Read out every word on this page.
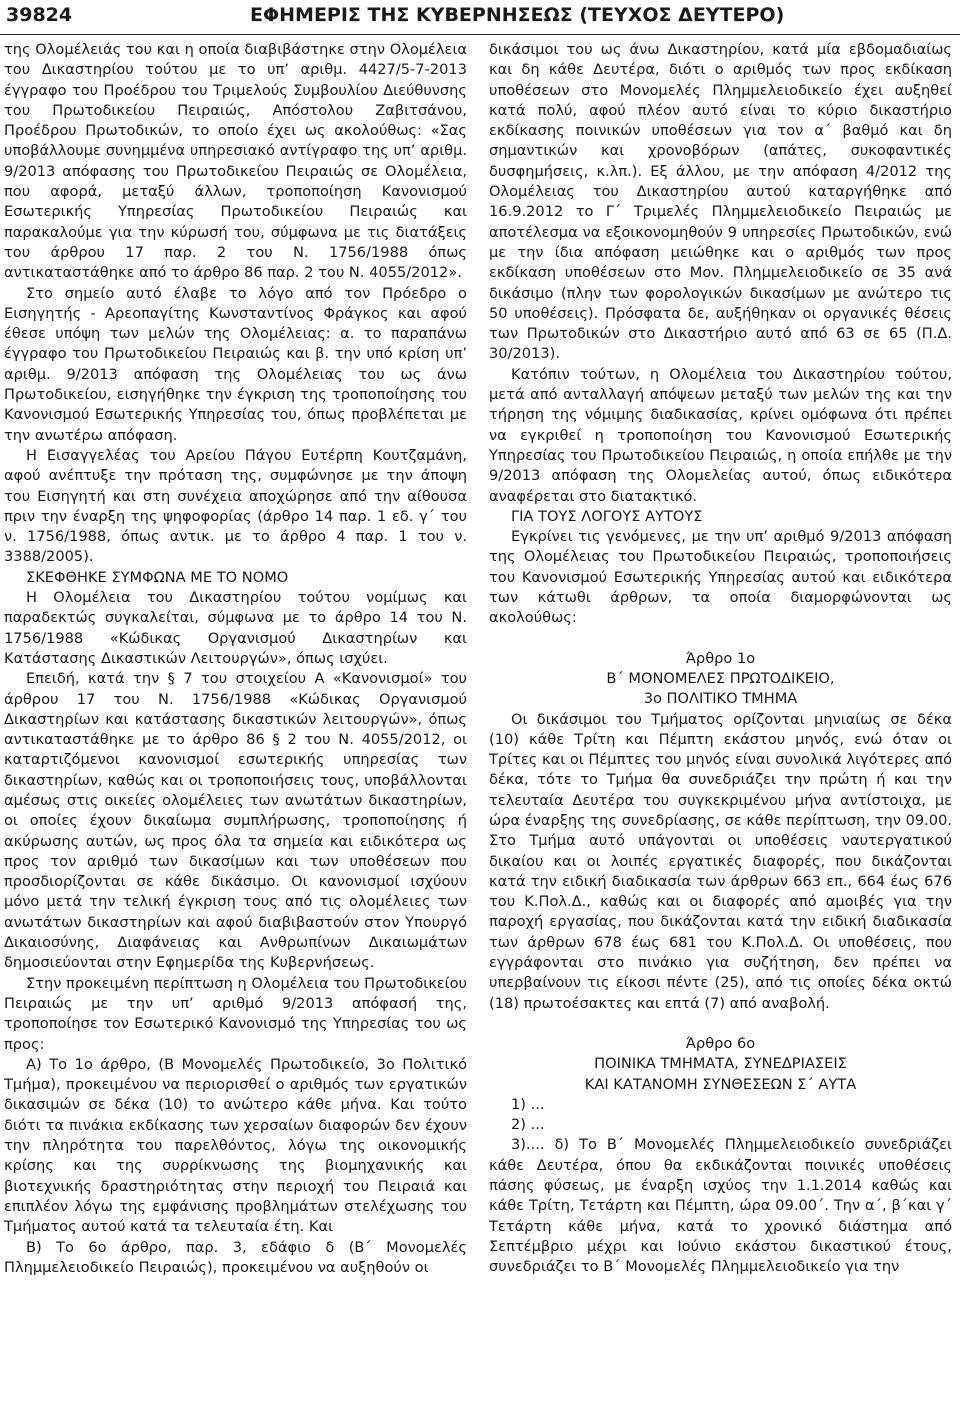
39824	ΕΦΗΜΕΡΙΣ ΤΗΣ ΚΥΒΕΡΝΗΣΕΩΣ (ΤΕΥΧΟΣ ΔΕΥΤΕΡΟ)

της Ολομέλειάς του και η οποία διαβιβάστηκε στην Ολομέλεια του Δικαστηρίου τούτου με το υπ’ αριθμ. 4427/5-7-2013 έγγραφο του Προέδρου του Τριμελούς Συμβουλίου Διεύθυνσης του Πρωτοδικείου Πειραιώς, Απόστολου Ζαβιτσάνου, Προέδρου Πρωτοδικών, το οποίο έχει ως ακολούθως: «Σας υποβάλλουμε συνημμένα υπηρεσιακό αντίγραφο της υπ’ αριθμ. 9/2013 απόφασης του Πρωτοδικείου Πειραιώς σε Ολομέλεια, που αφορά, μεταξύ άλλων, τροποποίηση Κανονισμού Εσωτερικής Υπηρεσίας Πρωτοδικείου Πειραιώς και παρακαλούμε για την κύρωσή του, σύμφωνα με τις διατάξεις του άρθρου 17 παρ. 2 του Ν. 1756/1988 όπως αντικαταστάθηκε από το άρθρο 86 παρ. 2 του Ν. 4055/2012».

Στο σημείο αυτό έλαβε το λόγο από τον Πρόεδρο ο Εισηγητής - Αρεοπαγίτης Κωνσταντίνος Φράγκος και αφού έθεσε υπόψη των μελών της Ολομέλειας: α. το παραπάνω έγγραφο του Πρωτοδικείου Πειραιώς και β. την υπό κρίση υπ’ αριθμ. 9/2013 απόφαση της Ολομέλειας του ως άνω Πρωτοδικείου, εισηγήθηκε την έγκριση της τροποποίησης του Κανονισμού Εσωτερικής Υπηρεσίας του, όπως προβλέπεται με την ανωτέρω απόφαση.

Η Εισαγγελέας του Αρείου Πάγου Ευτέρπη Κουτζαμάνη, αφού ανέπτυξε την πρόταση της, συμφώνησε με την άποψη του Εισηγητή και στη συνέχεια αποχώρησε από την αίθουσα πριν την έναρξη της ψηφοφορίας (άρθρο 14 παρ. 1 εδ. γ΄ του ν. 1756/1988, όπως αντικ. με το άρθρο 4 παρ. 1 του ν. 3388/2005).

ΣΚΕΦΘΗΚΕ ΣΥΜΦΩΝΑ ΜΕ ΤΟ ΝΟΜΟ

Η Ολομέλεια του Δικαστηρίου τούτου νομίμως και παραδεκτώς συγκαλείται, σύμφωνα με το άρθρο 14 του Ν. 1756/1988 «Κώδικας Οργανισμού Δικαστηρίων και Κατάστασης Δικαστικών Λειτουργών», όπως ισχύει.

Επειδή, κατά την § 7 του στοιχείου Α «Κανονισμοί» του άρθρου 17 του Ν. 1756/1988 «Κώδικας Οργανισμού Δικαστηρίων και κατάστασης δικαστικών λειτουργών», όπως αντικαταστάθηκε με το άρθρο 86 § 2 του Ν. 4055/2012, οι καταρτιζόμενοι κανονισμοί εσωτερικής υπηρεσίας των δικαστηρίων, καθώς και οι τροποποιήσεις τους, υποβάλλονται αμέσως στις οικείες ολομέλειες των ανωτάτων δικαστηρίων, οι οποίες έχουν δικαίωμα συμπλήρωσης, τροποποίησης ή ακύρωσης αυτών, ως προς όλα τα σημεία και ειδικότερα ως προς τον αριθμό των δικασίμων και των υποθέσεων που προσδιορίζονται σε κάθε δικάσιμο. Οι κανονισμοί ισχύουν μόνο μετά την τελική έγκριση τους από τις ολομέλειες των ανωτάτων δικαστηρίων και αφού διαβιβαστούν στον Υπουργό Δικαιοσύνης, Διαφάνειας και Ανθρωπίνων Δικαιωμάτων δημοσιεύονται στην Εφημερίδα της Κυβερνήσεως.

Στην προκειμένη περίπτωση η Ολομέλεια του Πρωτοδικείου Πειραιώς με την υπ’ αριθμό 9/2013 απόφασή της, τροποποίησε τον Εσωτερικό Κανονισμό της Υπηρεσίας του ως προς:

Α) Το 1ο άρθρο, (Β Μονομελές Πρωτοδικείο, 3ο Πολιτικό Τμήμα), προκειμένου να περιορισθεί ο αριθμός των εργατικών δικασιμών σε δέκα (10) το ανώτερο κάθε μήνα. Και τούτο διότι τα πινάκια εκδίκασης των χερσαίων διαφορών δεν έχουν την πληρότητα του παρελθόντος, λόγω της οικονομικής κρίσης και της συρρίκνωσης της βιομηχανικής και βιοτεχνικής δραστηριότητας στην περιοχή του Πειραιά και επιπλέον λόγω της εμφάνισης προβλημάτων στελέχωσης του Τμήματος αυτού κατά τα τελευταία έτη. Και

Β) Το 6ο άρθρο, παρ. 3, εδάφιο δ (Β΄ Μονομελές Πλημμελειοδικείο Πειραιώς), προκειμένου να αυξηθούν οι

δικάσιμοι του ως άνω Δικαστηρίου, κατά μία εβδομαδιαίως και δη κάθε Δευτέρα, διότι ο αριθμός των προς εκδίκαση υποθέσεων στο Μονομελές Πλημμελειοδικείο έχει αυξηθεί κατά πολύ, αφού πλέον αυτό είναι το κύριο δικαστήριο εκδίκασης ποινικών υποθέσεων για τον α΄ βαθμό και δη σημαντικών και χρονοβόρων (απάτες, συκοφαντικές δυσφημήσεις, κ.λπ.). Εξ άλλου, με την απόφαση 4/2012 της Ολομέλειας του Δικαστηρίου αυτού καταργήθηκε από 16.9.2012 το Γ΄ Τριμελές Πλημμελειοδικείο Πειραιώς με αποτέλεσμα να εξοικονομηθούν 9 υπηρεσίες Πρωτοδικών, ενώ με την ίδια απόφαση μειώθηκε και ο αριθμός των προς εκδίκαση υποθέσεων στο Μον. Πλημμελειοδικείο σε 35 ανά δικάσιμο (πλην των φορολογικών δικασίμων με ανώτερο τις 50 υποθέσεις). Πρόσφατα δε, αυξήθηκαν οι οργανικές θέσεις των Πρωτοδικών στο Δικαστήριο αυτό από 63 σε 65 (Π.Δ. 30/2013).

Κατόπιν τούτων, η Ολομέλεια του Δικαστηρίου τούτου, μετά από ανταλλαγή απόψεων μεταξύ των μελών της και την τήρηση της νόμιμης διαδικασίας, κρίνει ομόφωνα ότι πρέπει να εγκριθεί η τροποποίηση του Κανονισμού Εσωτερικής Υπηρεσίας του Πρωτοδικείου Πειραιώς, η οποία επήλθε με την 9/2013 απόφαση της Ολομελείας αυτού, όπως ειδικότερα αναφέρεται στο διατακτικό.

ΓΙΑ ΤΟΥΣ ΛΟΓΟΥΣ ΑΥΤΟΥΣ

Εγκρίνει τις γενόμενες, με την υπ’ αριθμό 9/2013 απόφαση της Ολομέλειας του Πρωτοδικείου Πειραιώς, τροποποιήσεις του Κανονισμού Εσωτερικής Υπηρεσίας αυτού και ειδικότερα των κάτωθι άρθρων, τα οποία διαμορφώνονται ως ακολούθως:

Άρθρο 1ο

Β΄ ΜΟΝΟΜΕΛΕΣ ΠΡΩΤΟΔΙΚΕΙΟ,

3ο ΠΟΛΙΤΙΚΟ ΤΜΗΜΑ

Οι δικάσιμοι του Τμήματος ορίζονται μηνιαίως σε δέκα (10) κάθε Τρίτη και Πέμπτη εκάστου μηνός, ενώ όταν οι Τρίτες και οι Πέμπτες του μηνός είναι συνολικά λιγότερες από δέκα, τότε το Τμήμα θα συνεδριάζει την πρώτη ή και την τελευταία Δευτέρα του συγκεκριμένου μήνα αντίστοιχα, με ώρα έναρξης της συνεδρίασης, σε κάθε περίπτωση, την 09.00. Στο Τμήμα αυτό υπάγονται οι υποθέσεις ναυτεργατικού δικαίου και οι λοιπές εργατικές διαφορές, που δικάζονται κατά την ειδική διαδικασία των άρθρων 663 επ., 664 έως 676 του Κ.Πολ.Δ., καθώς και οι διαφορές από αμοιβές για την παροχή εργασίας, που δικάζονται κατά την ειδική διαδικασία των άρθρων 678 έως 681 του Κ.Πολ.Δ. Οι υποθέσεις, που εγγράφονται στο πινάκιο για συζήτηση, δεν πρέπει να υπερβαίνουν τις είκοσι πέντε (25), από τις οποίες δέκα οκτώ (18) πρωτοέσακτες και επτά (7) από αναβολή.

Άρθρο 6ο

ΠΟΙΝΙΚΑ ΤΜΗΜΑΤΑ, ΣΥΝΕΔΡΙΑΣΕΙΣ

ΚΑΙ ΚΑΤΑΝΟΜΗ ΣΥΝΘΕΣΕΩΝ Σ΄ ΑΥΤΑ

1) ...

2) ...

3).... δ) Το Β΄ Μονομελές Πλημμελειοδικείο συνεδριάζει κάθε Δευτέρα, όπου θα εκδικάζονται ποινικές υποθέσεις πάσης φύσεως, με έναρξη ισχύος την 1.1.2014 καθώς και κάθε Τρίτη, Τετάρτη και Πέμπτη, ώρα 09.00΄. Την α΄, β΄και γ΄ Τετάρτη κάθε μήνα, κατά το χρονικό διάστημα από Σεπτέμβριο μέχρι και Ιούνιο εκάστου δικαστικού έτους, συνεδριάζει το Β΄ Μονομελές Πλημμελειοδικείο για την
